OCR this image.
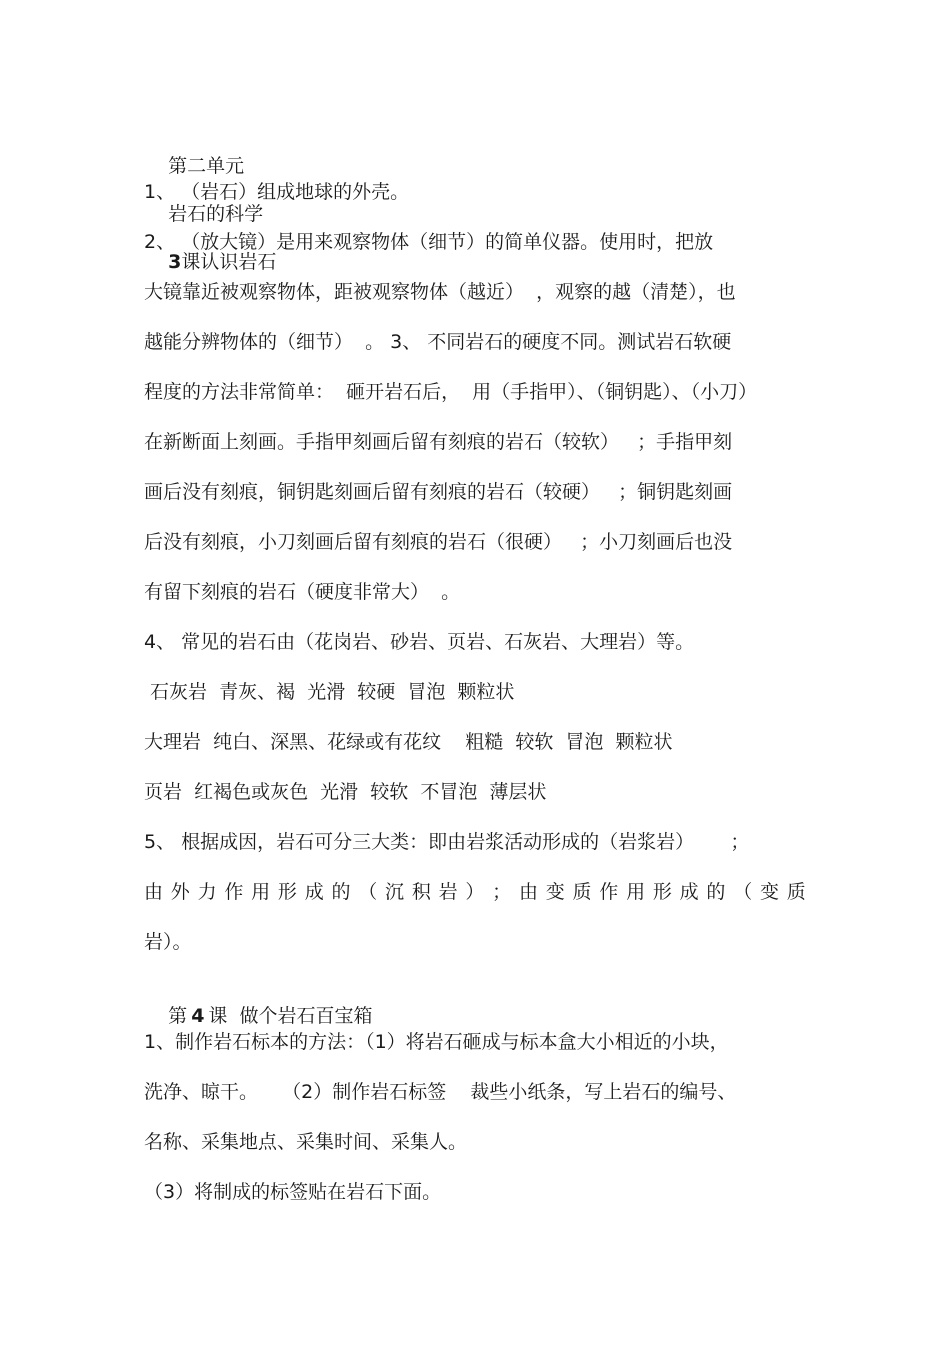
第二单元

岩石的科学

3课认识岩石

1、 （岩石）组成地球的外壳。
2、 （放大镜）是用来观察物体（细节）的简单仪器。使用时，把放
大镜靠近被观察物体，距被观察物体（越近）  ，观察的越（清楚），也
越能分辨物体的（细节）  。 3、 不同岩石的硬度不同。测试岩石软硬
程度的方法非常简单：  砸开岩石后，  用（手指甲）、（铜钥匙）、（小刀）
在新断面上刻画。手指甲刻画后留有刻痕的岩石（较软）   ；手指甲刻
画后没有刻痕，铜钥匙刻画后留有刻痕的岩石（较硬）   ；铜钥匙刻画
后没有刻痕，小刀刻画后留有刻痕的岩石（很硬）   ；小刀刻画后也没
有留下刻痕的岩石（硬度非常大）  。
4、 常见的岩石由（花岗岩、砂岩、页岩、石灰岩、大理岩）等。
石灰岩  青灰、褐  光滑  较硬  冒泡  颗粒状
大理岩  纯白、深黑、花绿或有花纹    粗糙  较软  冒泡  颗粒状
页岩  红褐色或灰色  光滑  较软  不冒泡  薄层状
5、 根据成因，岩石可分三大类：即由岩浆活动形成的（岩浆岩）      ；
由 外 力 作 用 形 成 的 （ 沉 积 岩 ） ； 由 变 质 作 用 形 成 的 （ 变 质
岩）。

第 4 课  做个岩石百宝箱

1、制作岩石标本的方法：（1）将岩石砸成与标本盒大小相近的小块，
洗净、晾干。    （2）制作岩石标签    裁些小纸条，写上岩石的编号、
名称、采集地点、采集时间、采集人。
（3）将制成的标签贴在岩石下面。
